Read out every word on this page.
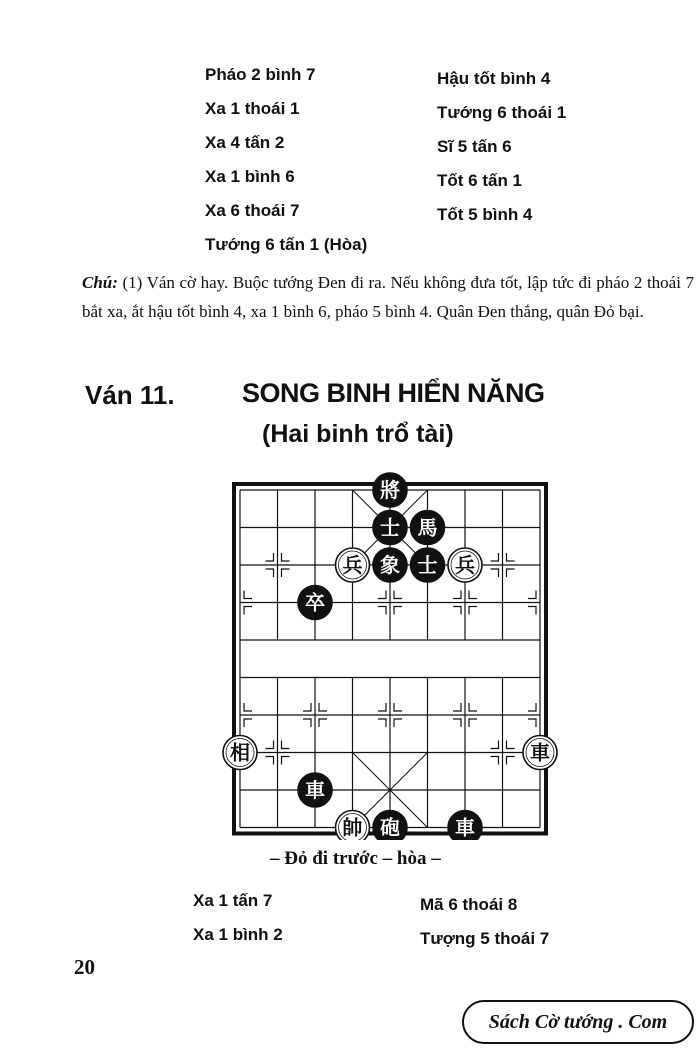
Pháo 2 bình 7
Xa 1 thoái 1
Xa 4 tấn 2
Xa 1 bình 6
Xa 6 thoái 7
Tướng 6 tấn 1 (Hòa)
Hậu tốt bình 4
Tướng 6 thoái 1
Sĩ 5 tấn 6
Tốt 6 tấn 1
Tốt 5 bình 4
Chú: (1) Ván cờ hay. Buộc tướng Đen đi ra. Nếu không đưa tốt, lập tức đi pháo 2 thoái 7 bắt xa, ắt hậu tốt bình 4, xa 1 bình 6, pháo 5 bình 4. Quân Đen thắng, quân Đỏ bại.
Ván 11. SONG BINH HIỂN NĂNG
(Hai binh trổ tài)
將
士 馬
兵 象 士 兵
卒
相	車
車
帥 砲	車
– Đỏ đi trước – hòa –
Xa 1 tấn 7
Xa 1 bình 2
Mã 6 thoái 8
Tượng 5 thoái 7
20
Sách Cờ tướng . Com
